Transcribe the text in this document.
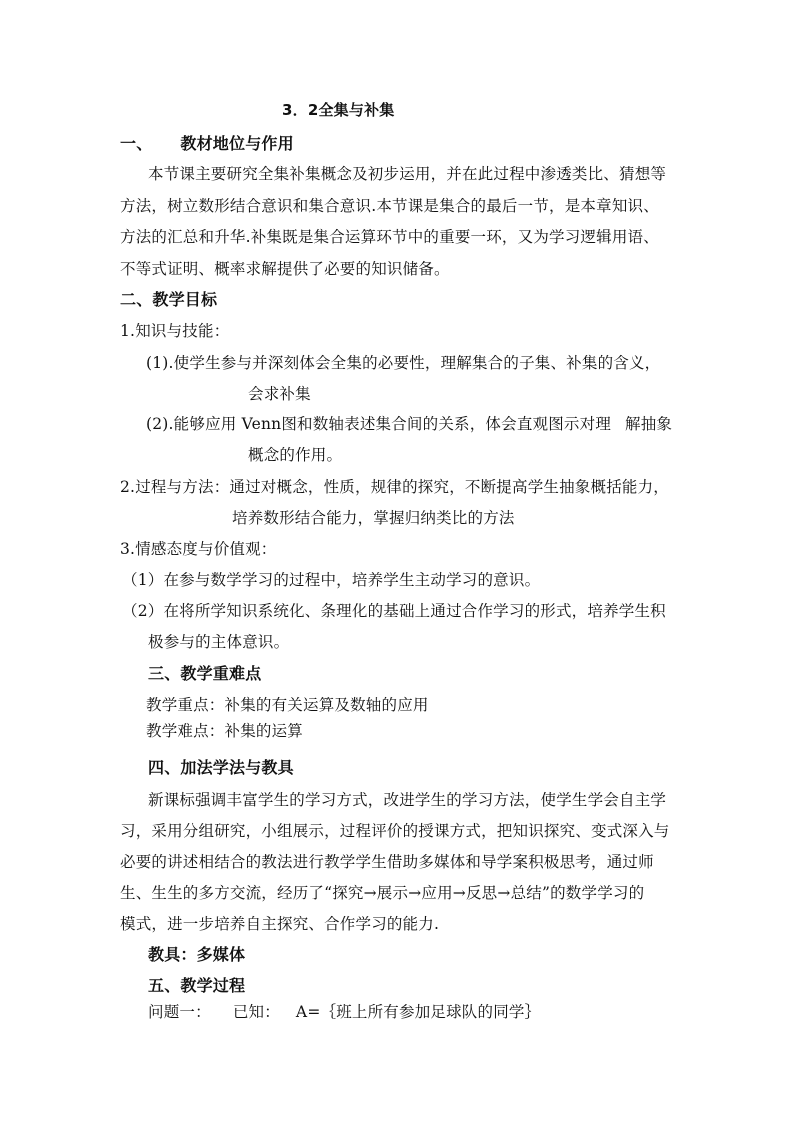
3．2全集与补集
一、 教材地位与作用
本节课主要研究全集补集概念及初步运用，并在此过程中渗透类比、猜想等
方法，树立数形结合意识和集合意识.本节课是集合的最后一节，是本章知识、
方法的汇总和升华.补集既是集合运算环节中的重要一环，又为学习逻辑用语、
不等式证明、概率求解提供了必要的知识储备。
二、教学目标
1.知识与技能：
(1).使学生参与并深刻体会全集的必要性，理解集合的子集、补集的含义，
会求补集
(2).能够应用 Venn图和数轴表述集合间的关系，体会直观图示对理 解抽象
概念的作用。
2.过程与方法：通过对概念，性质，规律的探究，不断提高学生抽象概括能力，
培养数形结合能力，掌握归纳类比的方法
3.情感态度与价值观：
（1）在参与数学学习的过程中，培养学生主动学习的意识。
（2）在将所学知识系统化、条理化的基础上通过合作学习的形式，培养学生积
极参与的主体意识。
三、教学重难点
教学重点：补集的有关运算及数轴的应用
教学难点：补集的运算
四、加法学法与教具
新课标强调丰富学生的学习方式，改进学生的学习方法，使学生学会自主学
习，采用分组研究，小组展示，过程评价的授课方式，把知识探究、变式深入与
必要的讲述相结合的教法进行教学学生借助多媒体和导学案积极思考，通过师
生、生生的多方交流，经历了“探究→展示→应用→反思→总结”的数学学习的
模式，进一步培养自主探究、合作学习的能力.
教具：多媒体
五、教学过程
问题一： 已知： A=｛班上所有参加足球队的同学｝
